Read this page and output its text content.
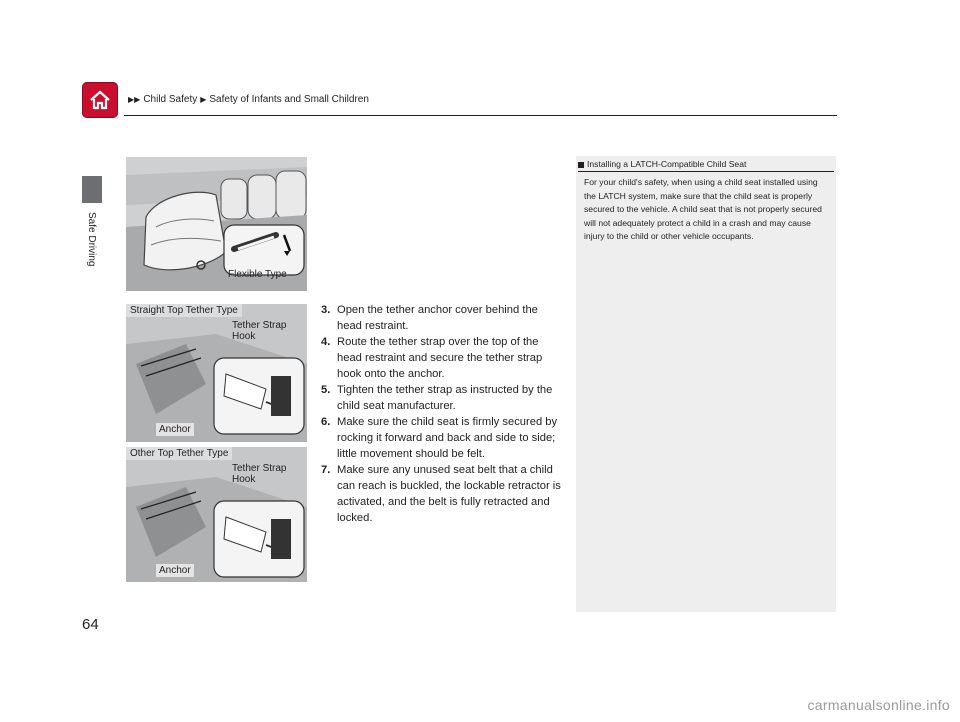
▶▶ Child Safety ▶ Safety of Infants and Small Children
Safe Driving
Flexible Type
Straight Top Tether Type
Tether Strap
Hook
Anchor
Other Top Tether Type
Tether Strap
Hook
Anchor
3. Open the tether anchor cover behind the head restraint.
4. Route the tether strap over the top of the head restraint and secure the tether strap hook onto the anchor.
5. Tighten the tether strap as instructed by the child seat manufacturer.
6. Make sure the child seat is firmly secured by rocking it forward and back and side to side; little movement should be felt.
7. Make sure any unused seat belt that a child can reach is buckled, the lockable retractor is activated, and the belt is fully retracted and locked.
Installing a LATCH-Compatible Child Seat
For your child's safety, when using a child seat installed using the LATCH system, make sure that the child seat is properly secured to the vehicle. A child seat that is not properly secured will not adequately protect a child in a crash and may cause injury to the child or other vehicle occupants.
64
carmanualsonline.info
